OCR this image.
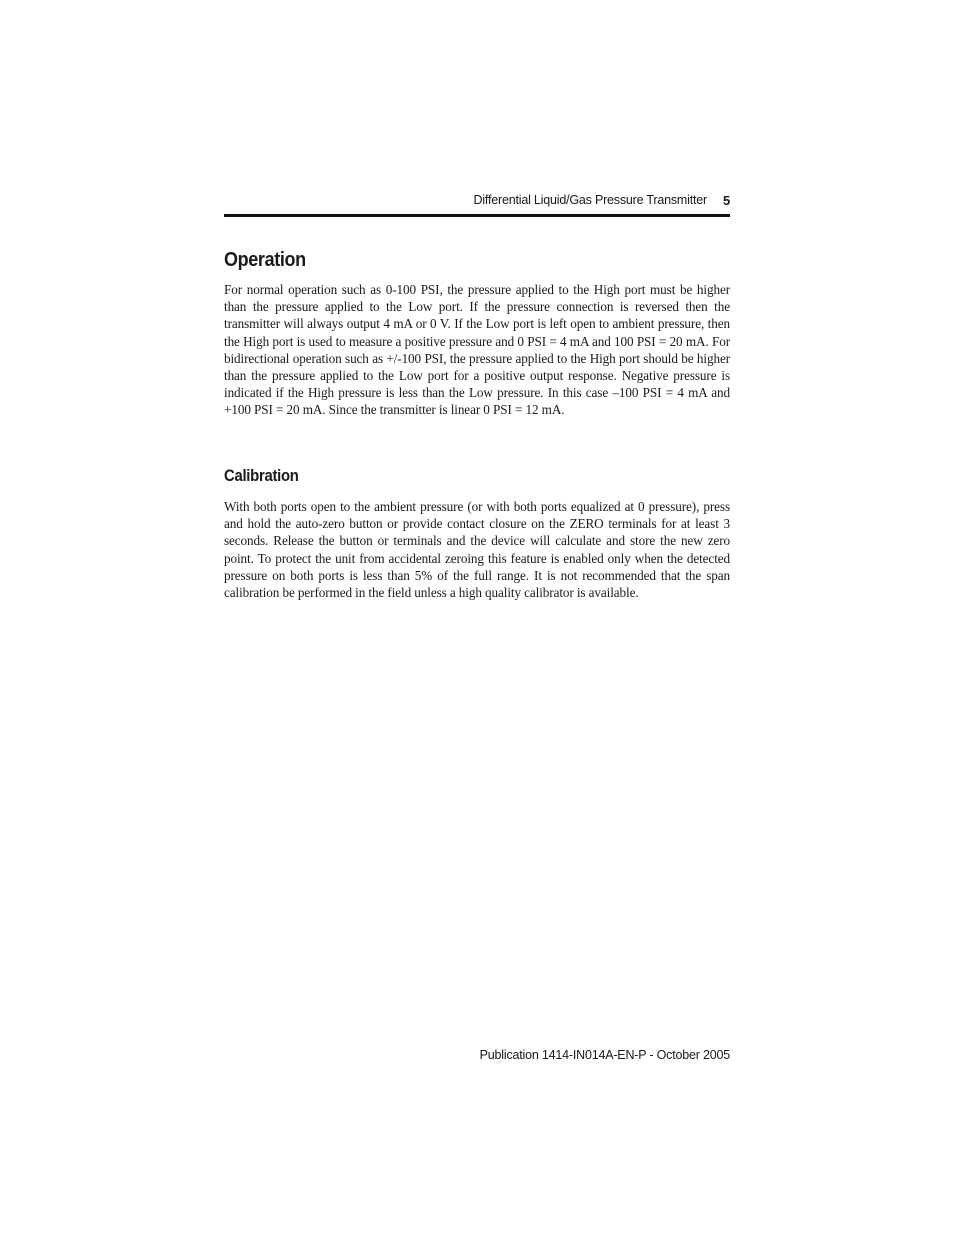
Differential Liquid/Gas Pressure Transmitter 5
Operation

For normal operation such as 0-100 PSI, the pressure applied to the High port must be higher than the pressure applied to the Low port. If the pressure connection is reversed then the transmitter will always output 4 mA or 0 V. If the Low port is left open to ambient pressure, then the High port is used to measure a positive pressure and 0 PSI = 4 mA and 100 PSI = 20 mA. For bidirectional operation such as +/-100 PSI, the pressure applied to the High port should be higher than the pressure applied to the Low port for a positive output response. Negative pressure is indicated if the High pressure is less than the Low pressure. In this case –100 PSI = 4 mA and +100 PSI = 20 mA. Since the transmitter is linear 0 PSI = 12 mA.

Calibration

With both ports open to the ambient pressure (or with both ports equalized at 0 pressure), press and hold the auto-zero button or provide contact closure on the ZERO terminals for at least 3 seconds. Release the button or terminals and the device will calculate and store the new zero point. To protect the unit from accidental zeroing this feature is enabled only when the detected pressure on both ports is less than 5% of the full range. It is not recommended that the span calibration be performed in the field unless a high quality calibrator is available.

Publication 1414-IN014A-EN-P - October 2005
